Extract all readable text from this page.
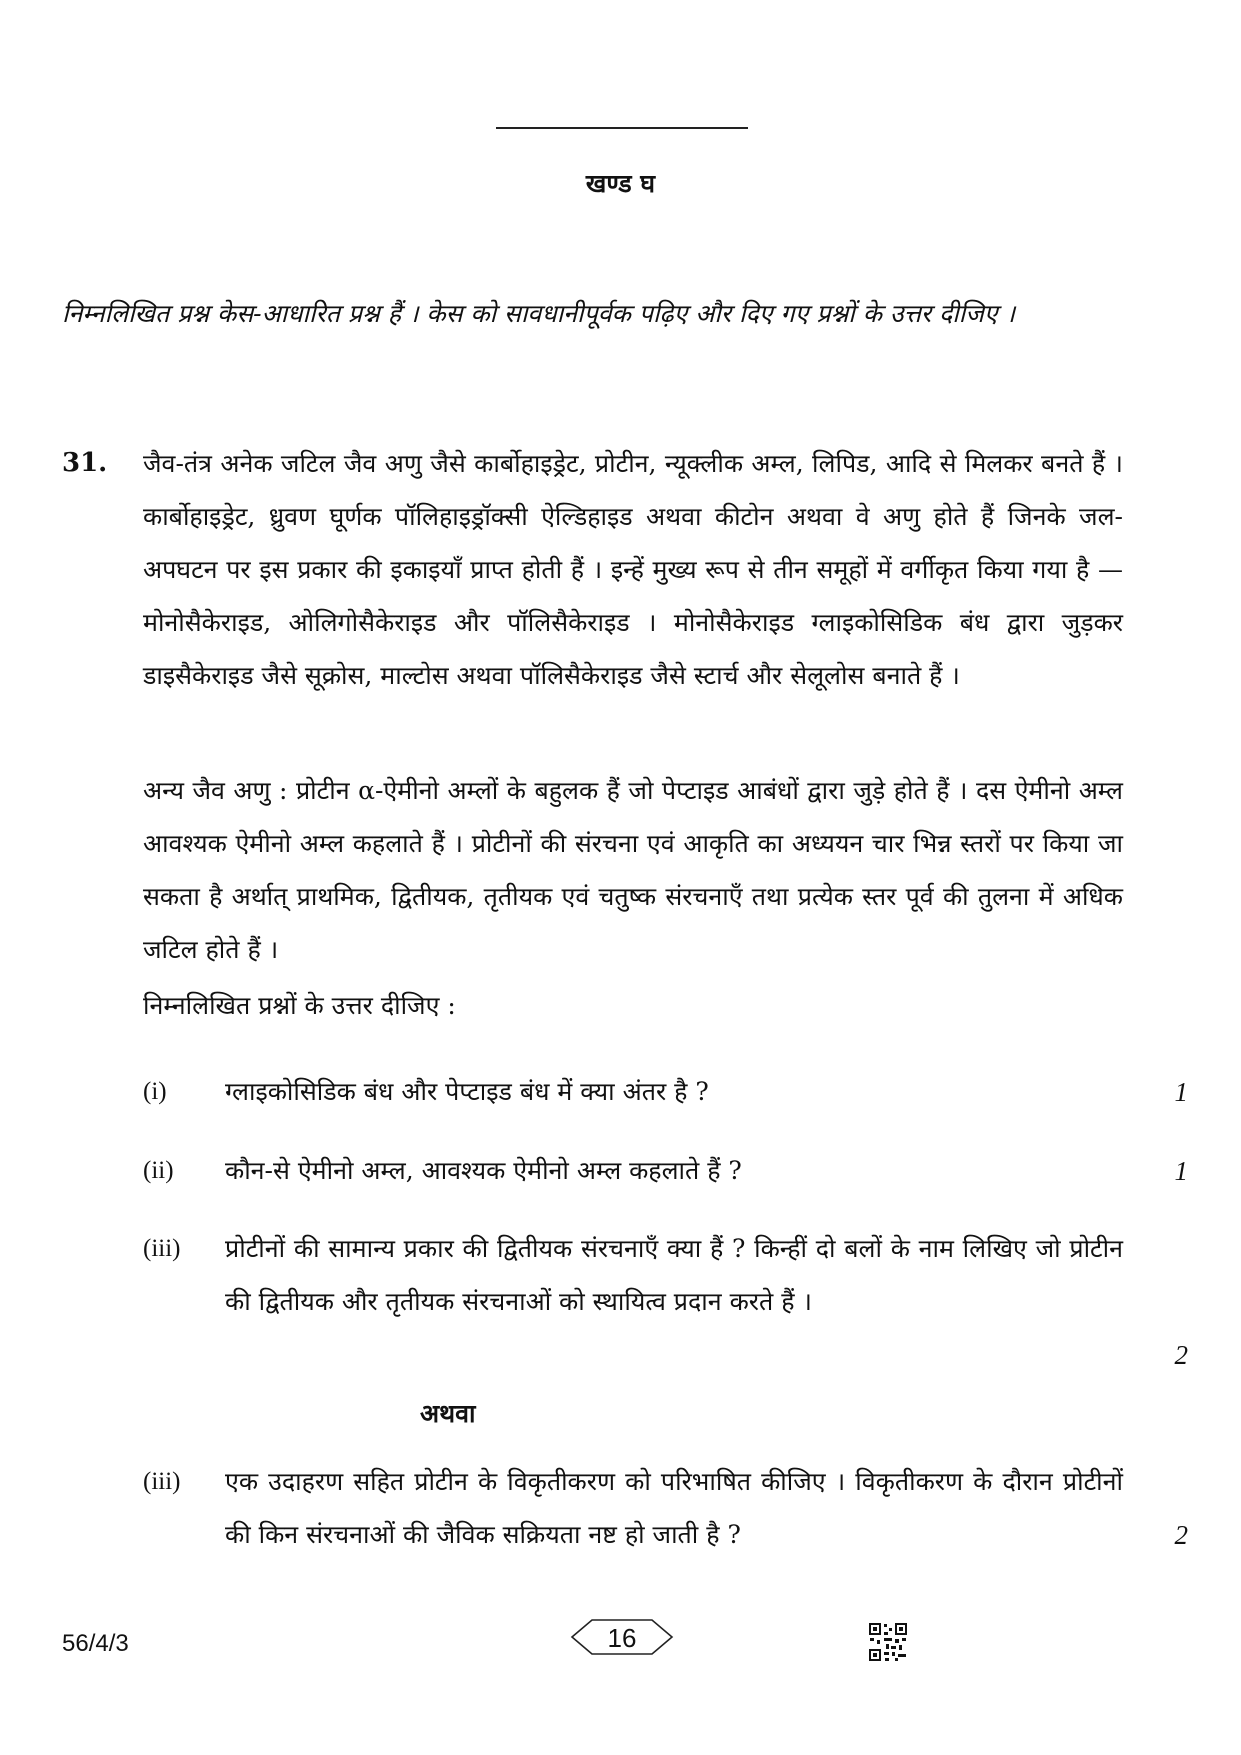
खण्ड घ
निम्नलिखित प्रश्न केस-आधारित प्रश्न हैं । केस को सावधानीपूर्वक पढ़िए और दिए गए प्रश्नों के उत्तर दीजिए ।
31. जैव-तंत्र अनेक जटिल जैव अणु जैसे कार्बोहाइड्रेट, प्रोटीन, न्यूक्लीक अम्ल, लिपिड, आदि से मिलकर बनते हैं । कार्बोहाइड्रेट, ध्रुवण घूर्णक पॉलिहाइड्रॉक्सी ऐल्डिहाइड अथवा कीटोन अथवा वे अणु होते हैं जिनके जल-अपघटन पर इस प्रकार की इकाइयाँ प्राप्त होती हैं । इन्हें मुख्य रूप से तीन समूहों में वर्गीकृत किया गया है — मोनोसैकेराइड, ओलिगोसैकेराइड और पॉलिसैकेराइड । मोनोसैकेराइड ग्लाइकोसिडिक बंध द्वारा जुड़कर डाइसैकेराइड जैसे सूक्रोस, माल्टोस अथवा पॉलिसैकेराइड जैसे स्टार्च और सेलूलोस बनाते हैं ।
अन्य जैव अणु : प्रोटीन α-ऐमीनो अम्लों के बहुलक हैं जो पेप्टाइड आबंधों द्वारा जुड़े होते हैं । दस ऐमीनो अम्ल आवश्यक ऐमीनो अम्ल कहलाते हैं । प्रोटीनों की संरचना एवं आकृति का अध्ययन चार भिन्न स्तरों पर किया जा सकता है अर्थात् प्राथमिक, द्वितीयक, तृतीयक एवं चतुष्क संरचनाएँ तथा प्रत्येक स्तर पूर्व की तुलना में अधिक जटिल होते हैं ।
निम्नलिखित प्रश्नों के उत्तर दीजिए :
(i)	ग्लाइकोसिडिक बंध और पेप्टाइड बंध में क्या अंतर है ?	1
(ii)	कौन-से ऐमीनो अम्ल, आवश्यक ऐमीनो अम्ल कहलाते हैं ?	1
(iii)	प्रोटीनों की सामान्य प्रकार की द्वितीयक संरचनाएँ क्या हैं ? किन्हीं दो बलों के नाम लिखिए जो प्रोटीन की द्वितीयक और तृतीयक संरचनाओं को स्थायित्व प्रदान करते हैं ।
2
अथवा
(iii)	एक उदाहरण सहित प्रोटीन के विकृतीकरण को परिभाषित कीजिए । विकृतीकरण के दौरान प्रोटीनों की किन संरचनाओं की जैविक सक्रियता नष्ट हो जाती है ?	2
56/4/3	16
